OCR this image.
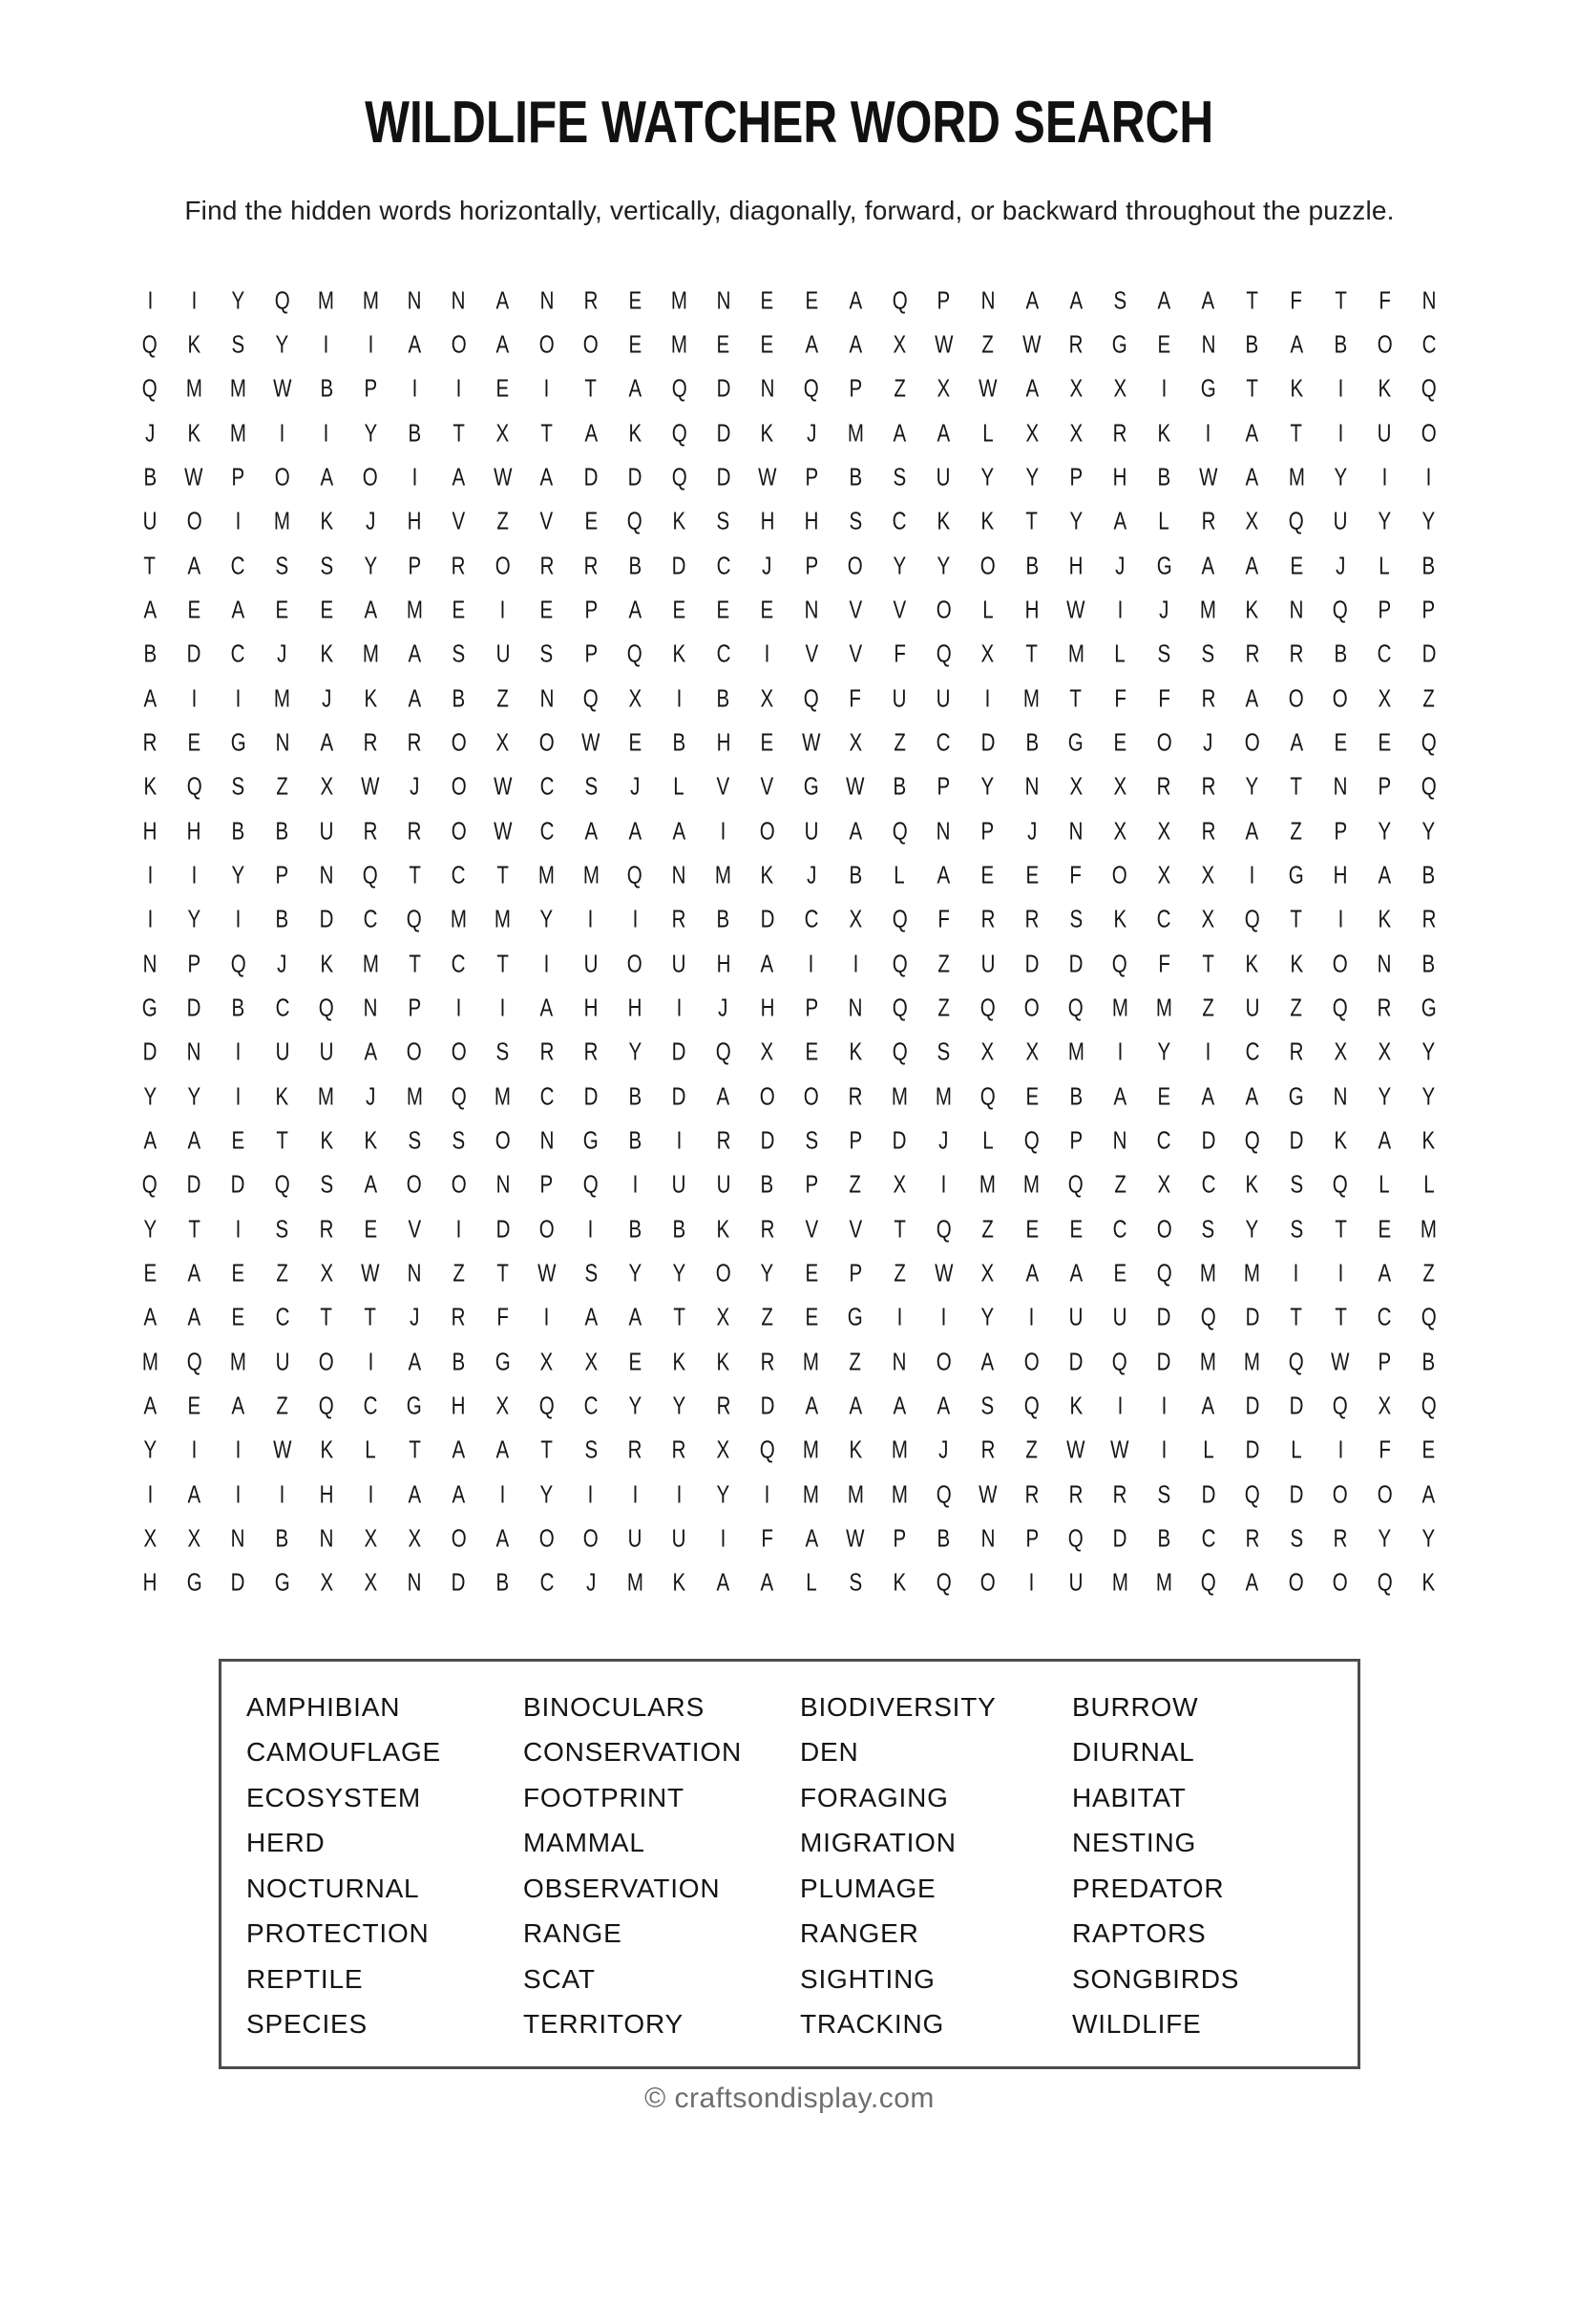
WILDLIFE WATCHER WORD SEARCH

Find the hidden words horizontally, vertically, diagonally, forward, or backward throughout the puzzle.

I I Y Q M M N N A N R E M N E E A Q P N A A S A A T F T F N
Q K S Y I I A O A O O E M E E A A X W Z W R G E N B A B O C
Q M M W B P I I E I T A Q D N Q P Z X W A X X I G T K I K Q
J K M I I Y B T X T A K Q D K J M A A L X X R K I A T I U O
B W P O A O I A W A D D Q D W P B S U Y Y P H B W A M Y I I
U O I M K J H V Z V E Q K S H H S C K K T Y A L R X Q U Y Y
T A C S S Y P R O R R B D C J P O Y Y O B H J G A A E J L B
A E A E E A M E I E P A E E E N V V O L H W I J M K N Q P P
B D C J K M A S U S P Q K C I V V F Q X T M L S S R R B C D
A I I M J K A B Z N Q X I B X Q F U U I M T F F R A O O X Z
R E G N A R R O X O W E B H E W X Z C D B G E O J O A E E Q
K Q S Z X W J O W C S J L V V G W B P Y N X X R R Y T N P Q
H H B B U R R O W C A A A I O U A Q N P J N X X R A Z P Y Y
I I Y P N Q T C T M M Q N M K J B L A E E F O X X I G H A B
I Y I B D C Q M M Y I I R B D C X Q F R R S K C X Q T I K R
N P Q J K M T C T I U O U H A I I Q Z U D D Q F T K K O N B
G D B C Q N P I I A H H I J H P N Q Z Q O Q M M Z U Z Q R G
D N I U U A O O S R R Y D Q X E K Q S X X M I Y I C R X X Y
Y Y I K M J M Q M C D B D A O O R M M Q E B A E A A G N Y Y
A A E T K K S S O N G B I R D S P D J L Q P N C D Q D K A K
Q D D Q S A O O N P Q I U U B P Z X I M M Q Z X C K S Q L L
Y T I S R E V I D O I B B K R V V T Q Z E E C O S Y S T E M
E A E Z X W N Z T W S Y Y O Y E P Z W X A A E Q M M I I A Z
A A E C T T J R F I A A T X Z E G I I Y I U U D Q D T T C Q
M Q M U O I A B G X X E K K R M Z N O A O D Q D M M Q W P B
A E A Z Q C G H X Q C Y Y R D A A A A S Q K I I A D D Q X Q
Y I I W K L T A A T S R R X Q M K M J R Z W W I L D L I F E
I A I I H I A A I Y I I I Y I M M M Q W R R R S D Q D O O A
X X N B N X X O A O O U U I F A W P B N P Q D B C R S R Y Y
H G D G X X N D B C J M K A A L S K Q O I U M M Q A O O Q K
AMPHIBIAN	BINOCULARS	BIODIVERSITY	BURROW
CAMOUFLAGE	CONSERVATION	DEN	DIURNAL
ECOSYSTEM	FOOTPRINT	FORAGING	HABITAT
HERD	MAMMAL	MIGRATION	NESTING
NOCTURNAL	OBSERVATION	PLUMAGE	PREDATOR
PROTECTION	RANGE	RANGER	RAPTORS
REPTILE	SCAT	SIGHTING	SONGBIRDS
SPECIES	TERRITORY	TRACKING	WILDLIFE
© craftsondisplay.com
